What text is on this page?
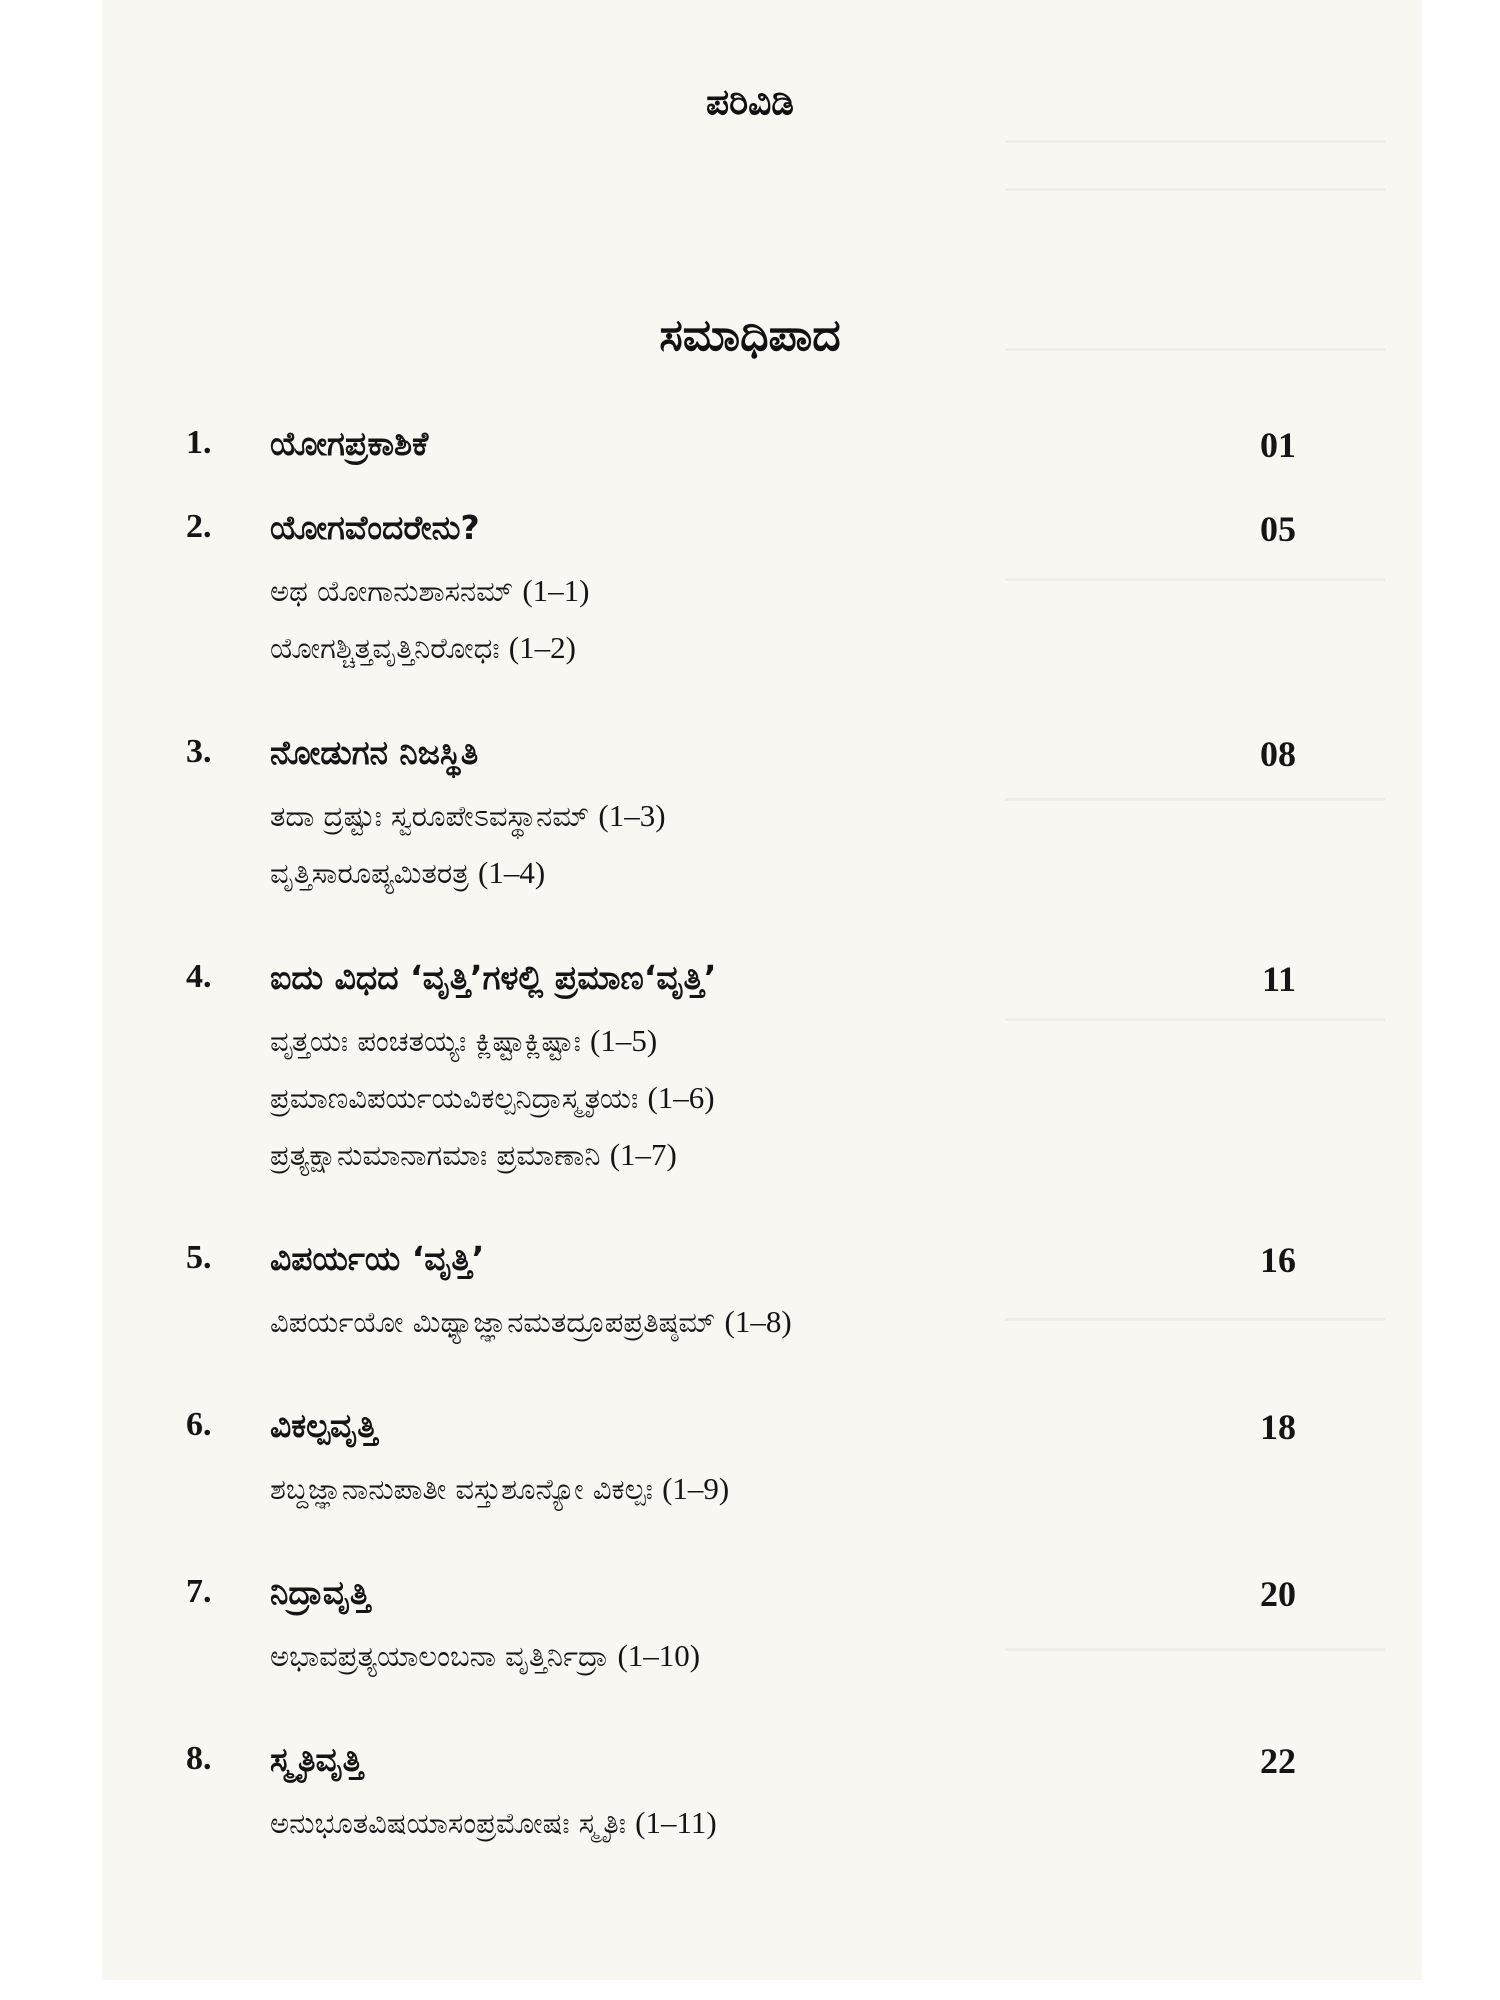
ಪರಿವಿಡಿ
ಸಮಾಧಿಪಾದ
1. ಯೋಗಪ್ರಕಾಶಿಕೆ	01
2. ಯೋಗವೆಂದರೇನು?	05
ಅಥ ಯೋಗಾನುಶಾಸನಮ್ (1–1)
ಯೋಗಶ್ಚಿತ್ತವೃತ್ತಿನಿರೋಧಃ (1–2)
3. ನೋಡುಗನ ನಿಜಸ್ಥಿತಿ	08
ತದಾ ದ್ರಷ್ಟುಃ ಸ್ವರೂಪೇಽವಸ್ಥಾನಮ್ (1–3)
ವೃತ್ತಿಸಾರೂಪ್ಯಮಿತರತ್ರ (1–4)
4. ಐದು ವಿಧದ ‘ವೃತ್ತಿ’ಗಳಲ್ಲಿ ಪ್ರಮಾಣ‘ವೃತ್ತಿ’	11
ವೃತ್ತಯಃ ಪಂಚತಯ್ಯಃ ಕ್ಲಿಷ್ಟಾಕ್ಲಿಷ್ಟಾಃ (1–5)
ಪ್ರಮಾಣವಿಪರ್ಯಯವಿಕಲ್ಪನಿದ್ರಾಸ್ಮೃತಯಃ (1–6)
ಪ್ರತ್ಯಕ್ಷಾನುಮಾನಾಗಮಾಃ ಪ್ರಮಾಣಾನಿ (1–7)
5. ವಿಪರ್ಯಯ ‘ವೃತ್ತಿ’	16
ವಿಪರ್ಯಯೋ ಮಿಥ್ಯಾಜ್ಞಾನಮತದ್ರೂಪಪ್ರತಿಷ್ಠಮ್ (1–8)
6. ವಿಕಲ್ಪವೃತ್ತಿ	18
ಶಬ್ದಜ್ಞಾನಾನುಪಾತೀ ವಸ್ತುಶೂನ್ಯೋ ವಿಕಲ್ಪಃ (1–9)
7. ನಿದ್ರಾವೃತ್ತಿ	20
ಅಭಾವಪ್ರತ್ಯಯಾಲಂಬನಾ ವೃತ್ತಿರ್ನಿದ್ರಾ (1–10)
8. ಸ್ಮೃತಿವೃತ್ತಿ	22
ಅನುಭೂತವಿಷಯಾಸಂಪ್ರಮೋಷಃ ಸ್ಮೃತಿಃ (1–11)
